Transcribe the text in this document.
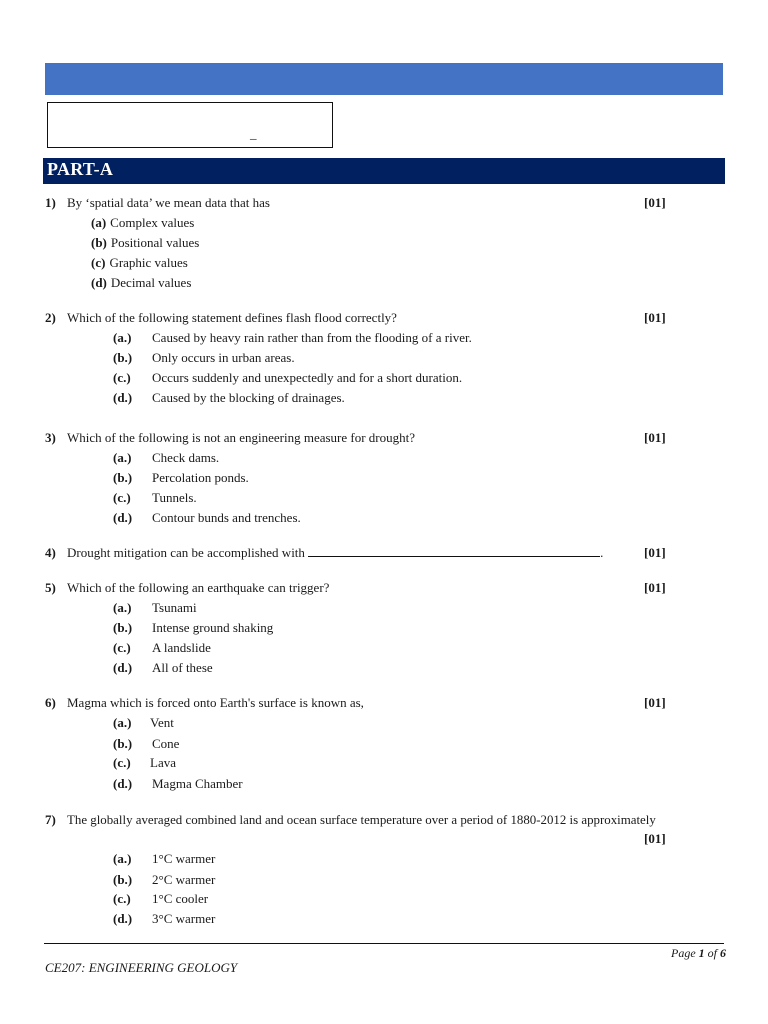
_
PART-A
1) By ‘spatial data’ we mean data that has	[01]
(a) Complex values
(b) Positional values
(c) Graphic values
(d) Decimal values
2) Which of the following statement defines flash flood correctly?	[01]
(a.) Caused by heavy rain rather than from the flooding of a river.
(b.) Only occurs in urban areas.
(c.) Occurs suddenly and unexpectedly and for a short duration.
(d.) Caused by the blocking of drainages.
3) Which of the following is not an engineering measure for drought?	[01]
(a.) Check dams.
(b.) Percolation ponds.
(c.) Tunnels.
(d.) Contour bunds and trenches.
4) Drought mitigation can be accomplished with	.	[01]
5) Which of the following an earthquake can trigger?	[01]
(a.) Tsunami
(b.) Intense ground shaking
(c.) A landslide
(d.) All of these
6) Magma which is forced onto Earth's surface is known as,	[01]
(a.) Vent
(b.) Cone
(c.) Lava
(d.) Magma Chamber
7) The globally averaged combined land and ocean surface temperature over a period of 1880-2012 is approximately
[01]
(a.) 1°C warmer
(b.) 2°C warmer
(c.) 1°C cooler
(d.) 3°C warmer
Page 1 of 6
CE207: ENGINEERING GEOLOGY
